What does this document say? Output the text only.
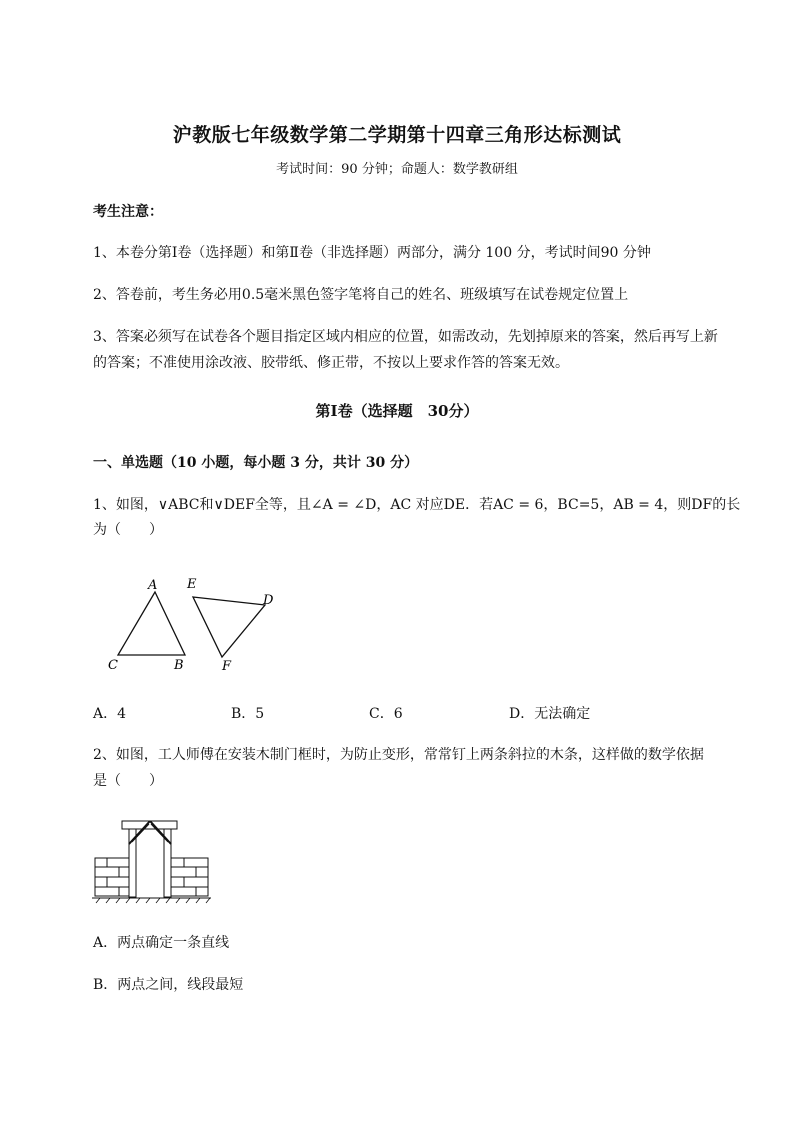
沪教版七年级数学第二学期第十四章三角形达标测试
考试时间：90 分钟；命题人：数学教研组
考生注意：
1、本卷分第Ⅰ卷（选择题）和第Ⅱ卷（非选择题）两部分，满分 100 分，考试时间90 分钟
2、答卷前，考生务必用0.5毫米黑色签字笔将自己的姓名、班级填写在试卷规定位置上
3、答案必须写在试卷各个题目指定区域内相应的位置，如需改动，先划掉原来的答案，然后再写上新
的答案；不准使用涂改液、胶带纸、修正带，不按以上要求作答的答案无效。
第Ⅰ卷（选择题　30分）
一、单选题（10 小题，每小题 3 分，共计 30 分）
1、如图，∨ABC和∨DEF全等，且∠A = ∠D，AC 对应DE．若AC = 6，BC=5，AB = 4，则DF的长
为（　　）
A
C	B
E
D
F
A．4	B．5	C．6	D．无法确定
2、如图，工人师傅在安装木制门框时，为防止变形，常常钉上两条斜拉的木条，这样做的数学依据
是（　　）
A．两点确定一条直线
B．两点之间，线段最短
